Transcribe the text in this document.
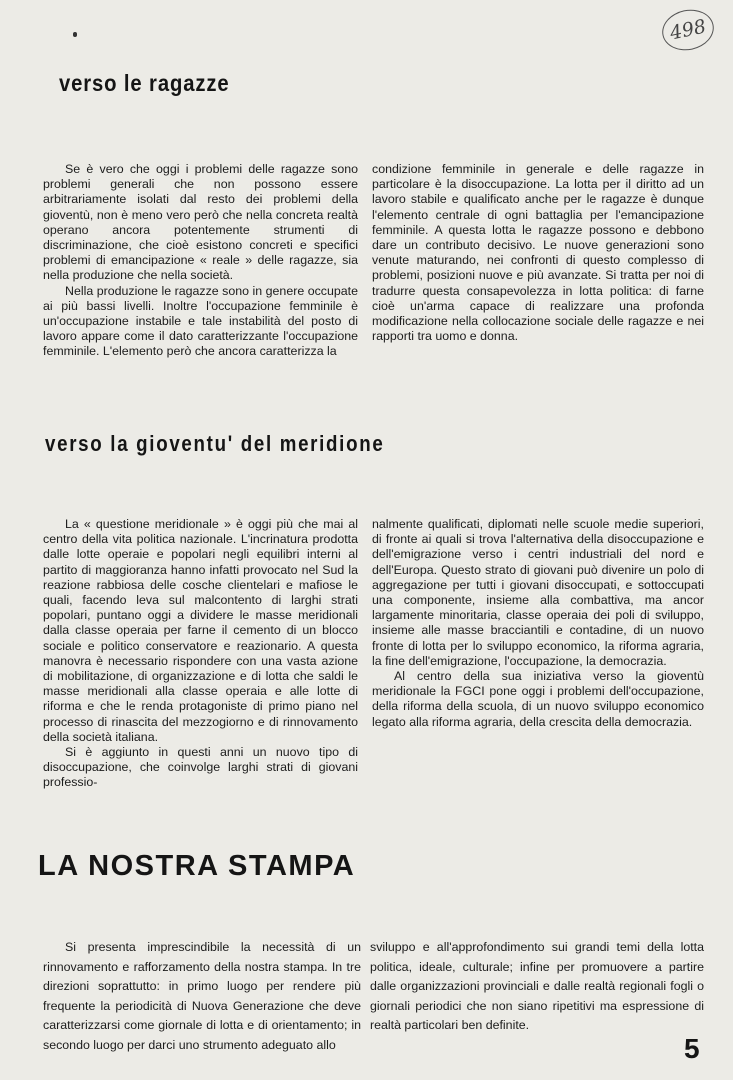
498
verso le ragazze

Se è vero che oggi i problemi delle ragazze sono problemi generali che non possono essere arbitrariamente isolati dal resto dei problemi della gioventù, non è meno vero però che nella concreta realtà operano ancora potentemente strumenti di discriminazione, che cioè esistono concreti e specifici problemi di emancipazione « reale » delle ragazze, sia nella produzione che nella società.

Nella produzione le ragazze sono in genere occupate ai più bassi livelli. Inoltre l'occupazione femminile è un'occupazione instabile e tale instabilità del posto di lavoro appare come il dato caratterizzante l'occupazione femminile. L'elemento però che ancora caratterizza la

condizione femminile in generale e delle ragazze in particolare è la disoccupazione. La lotta per il diritto ad un lavoro stabile e qualificato anche per le ragazze è dunque l'elemento centrale di ogni battaglia per l'emancipazione femminile. A questa lotta le ragazze possono e debbono dare un contributo decisivo. Le nuove generazioni sono venute maturando, nei confronti di questo complesso di problemi, posizioni nuove e più avanzate. Si tratta per noi di tradurre questa consapevolezza in lotta politica: di farne cioè un'arma capace di realizzare una profonda modificazione nella collocazione sociale delle ragazze e nei rapporti tra uomo e donna.

verso la gioventu' del meridione

La « questione meridionale » è oggi più che mai al centro della vita politica nazionale. L'incrinatura prodotta dalle lotte operaie e popolari negli equilibri interni al partito di maggioranza hanno infatti provocato nel Sud la reazione rabbiosa delle cosche clientelari e mafiose le quali, facendo leva sul malcontento di larghi strati popolari, puntano oggi a dividere le masse meridionali dalla classe operaia per farne il cemento di un blocco sociale e politico conservatore e reazionario. A questa manovra è necessario rispondere con una vasta azione di mobilitazione, di organizzazione e di lotta che saldi le masse meridionali alla classe operaia e alle lotte di riforma e che le renda protagoniste di primo piano nel processo di rinascita del mezzogiorno e di rinnovamento della società italiana.

Si è aggiunto in questi anni un nuovo tipo di disoccupazione, che coinvolge larghi strati di giovani professio-

nalmente qualificati, diplomati nelle scuole medie superiori, di fronte ai quali si trova l'alternativa della disoccupazione e dell'emigrazione verso i centri industriali del nord e dell'Europa. Questo strato di giovani può divenire un polo di aggregazione per tutti i giovani disoccupati, e sottoccupati una componente, insieme alla combattiva, ma ancor largamente minoritaria, classe operaia dei poli di sviluppo, insieme alle masse bracciantili e contadine, di un nuovo fronte di lotta per lo sviluppo economico, la riforma agraria, la fine dell'emigrazione, l'occupazione, la democrazia.

Al centro della sua iniziativa verso la gioventù meridionale la FGCI pone oggi i problemi dell'occupazione, della riforma della scuola, di un nuovo sviluppo economico legato alla riforma agraria, della crescita della democrazia.

LA NOSTRA STAMPA

Si presenta imprescindibile la necessità di un rinnovamento e rafforzamento della nostra stampa. In tre direzioni soprattutto: in primo luogo per rendere più frequente la periodicità di Nuova Generazione che deve caratterizzarsi come giornale di lotta e di orientamento; in secondo luogo per darci uno strumento adeguato allo

sviluppo e all'approfondimento sui grandi temi della lotta politica, ideale, culturale; infine per promuovere a partire dalle organizzazioni provinciali e dalle realtà regionali fogli o giornali periodici che non siano ripetitivi ma espressione di realtà particolari ben definite.

5
